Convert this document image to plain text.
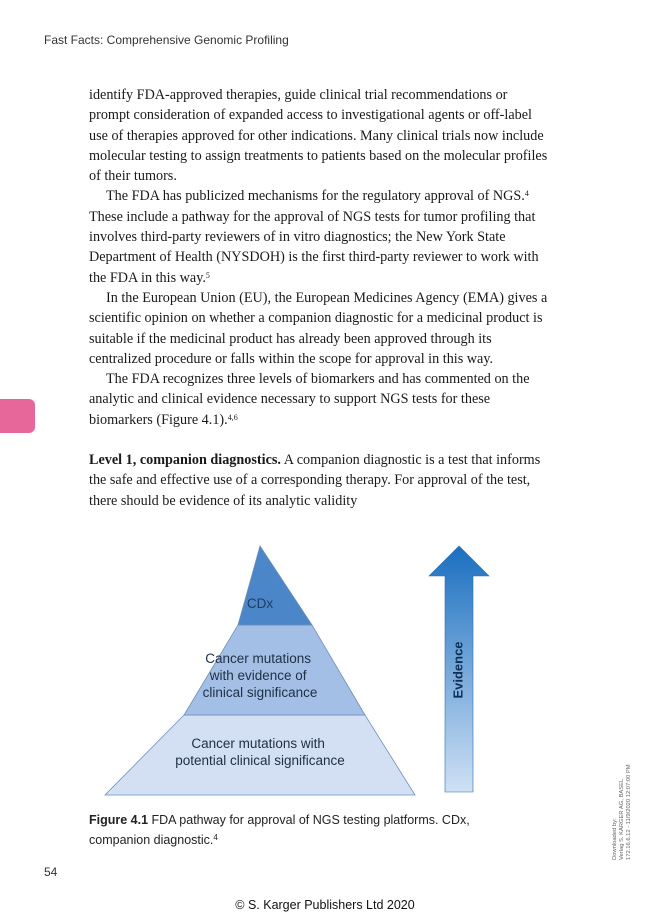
Fast Facts: Comprehensive Genomic Profiling

identify FDA-approved therapies, guide clinical trial recommendations or prompt consideration of expanded access to investigational agents or off-label use of therapies approved for other indications. Many clinical trials now include molecular testing to assign treatments to patients based on the molecular profiles of their tumors.

The FDA has publicized mechanisms for the regulatory approval of NGS.$^4$ These include a pathway for the approval of NGS tests for tumor profiling that involves third-party reviewers of in vitro diagnostics; the New York State Department of Health (NYSDOH) is the first third-party reviewer to work with the FDA in this way.$^5$

In the European Union (EU), the European Medicines Agency (EMA) gives a scientific opinion on whether a companion diagnostic for a medicinal product is suitable if the medicinal product has already been approved through its centralized procedure or falls within the scope for approval in this way.

The FDA recognizes three levels of biomarkers and has commented on the analytic and clinical evidence necessary to support NGS tests for these biomarkers (Figure 4.1).$^{4,6}$

Level 1, companion diagnostics. A companion diagnostic is a test that informs the safe and effective use of a corresponding therapy. For approval of the test, there should be evidence of its analytic validity

CDx
Cancer mutations with evidence of clinical significance
Cancer mutations with potential clinical significance
Evidence
Figure 4.1 FDA pathway for approval of NGS testing platforms. CDx, companion diagnostic.$^4$
54
Downloaded by: Verlag S. KARGER AG, BASEL 172.16.6.12 - 11/9/2020 12:07:00 PM
© S. Karger Publishers Ltd 2020
